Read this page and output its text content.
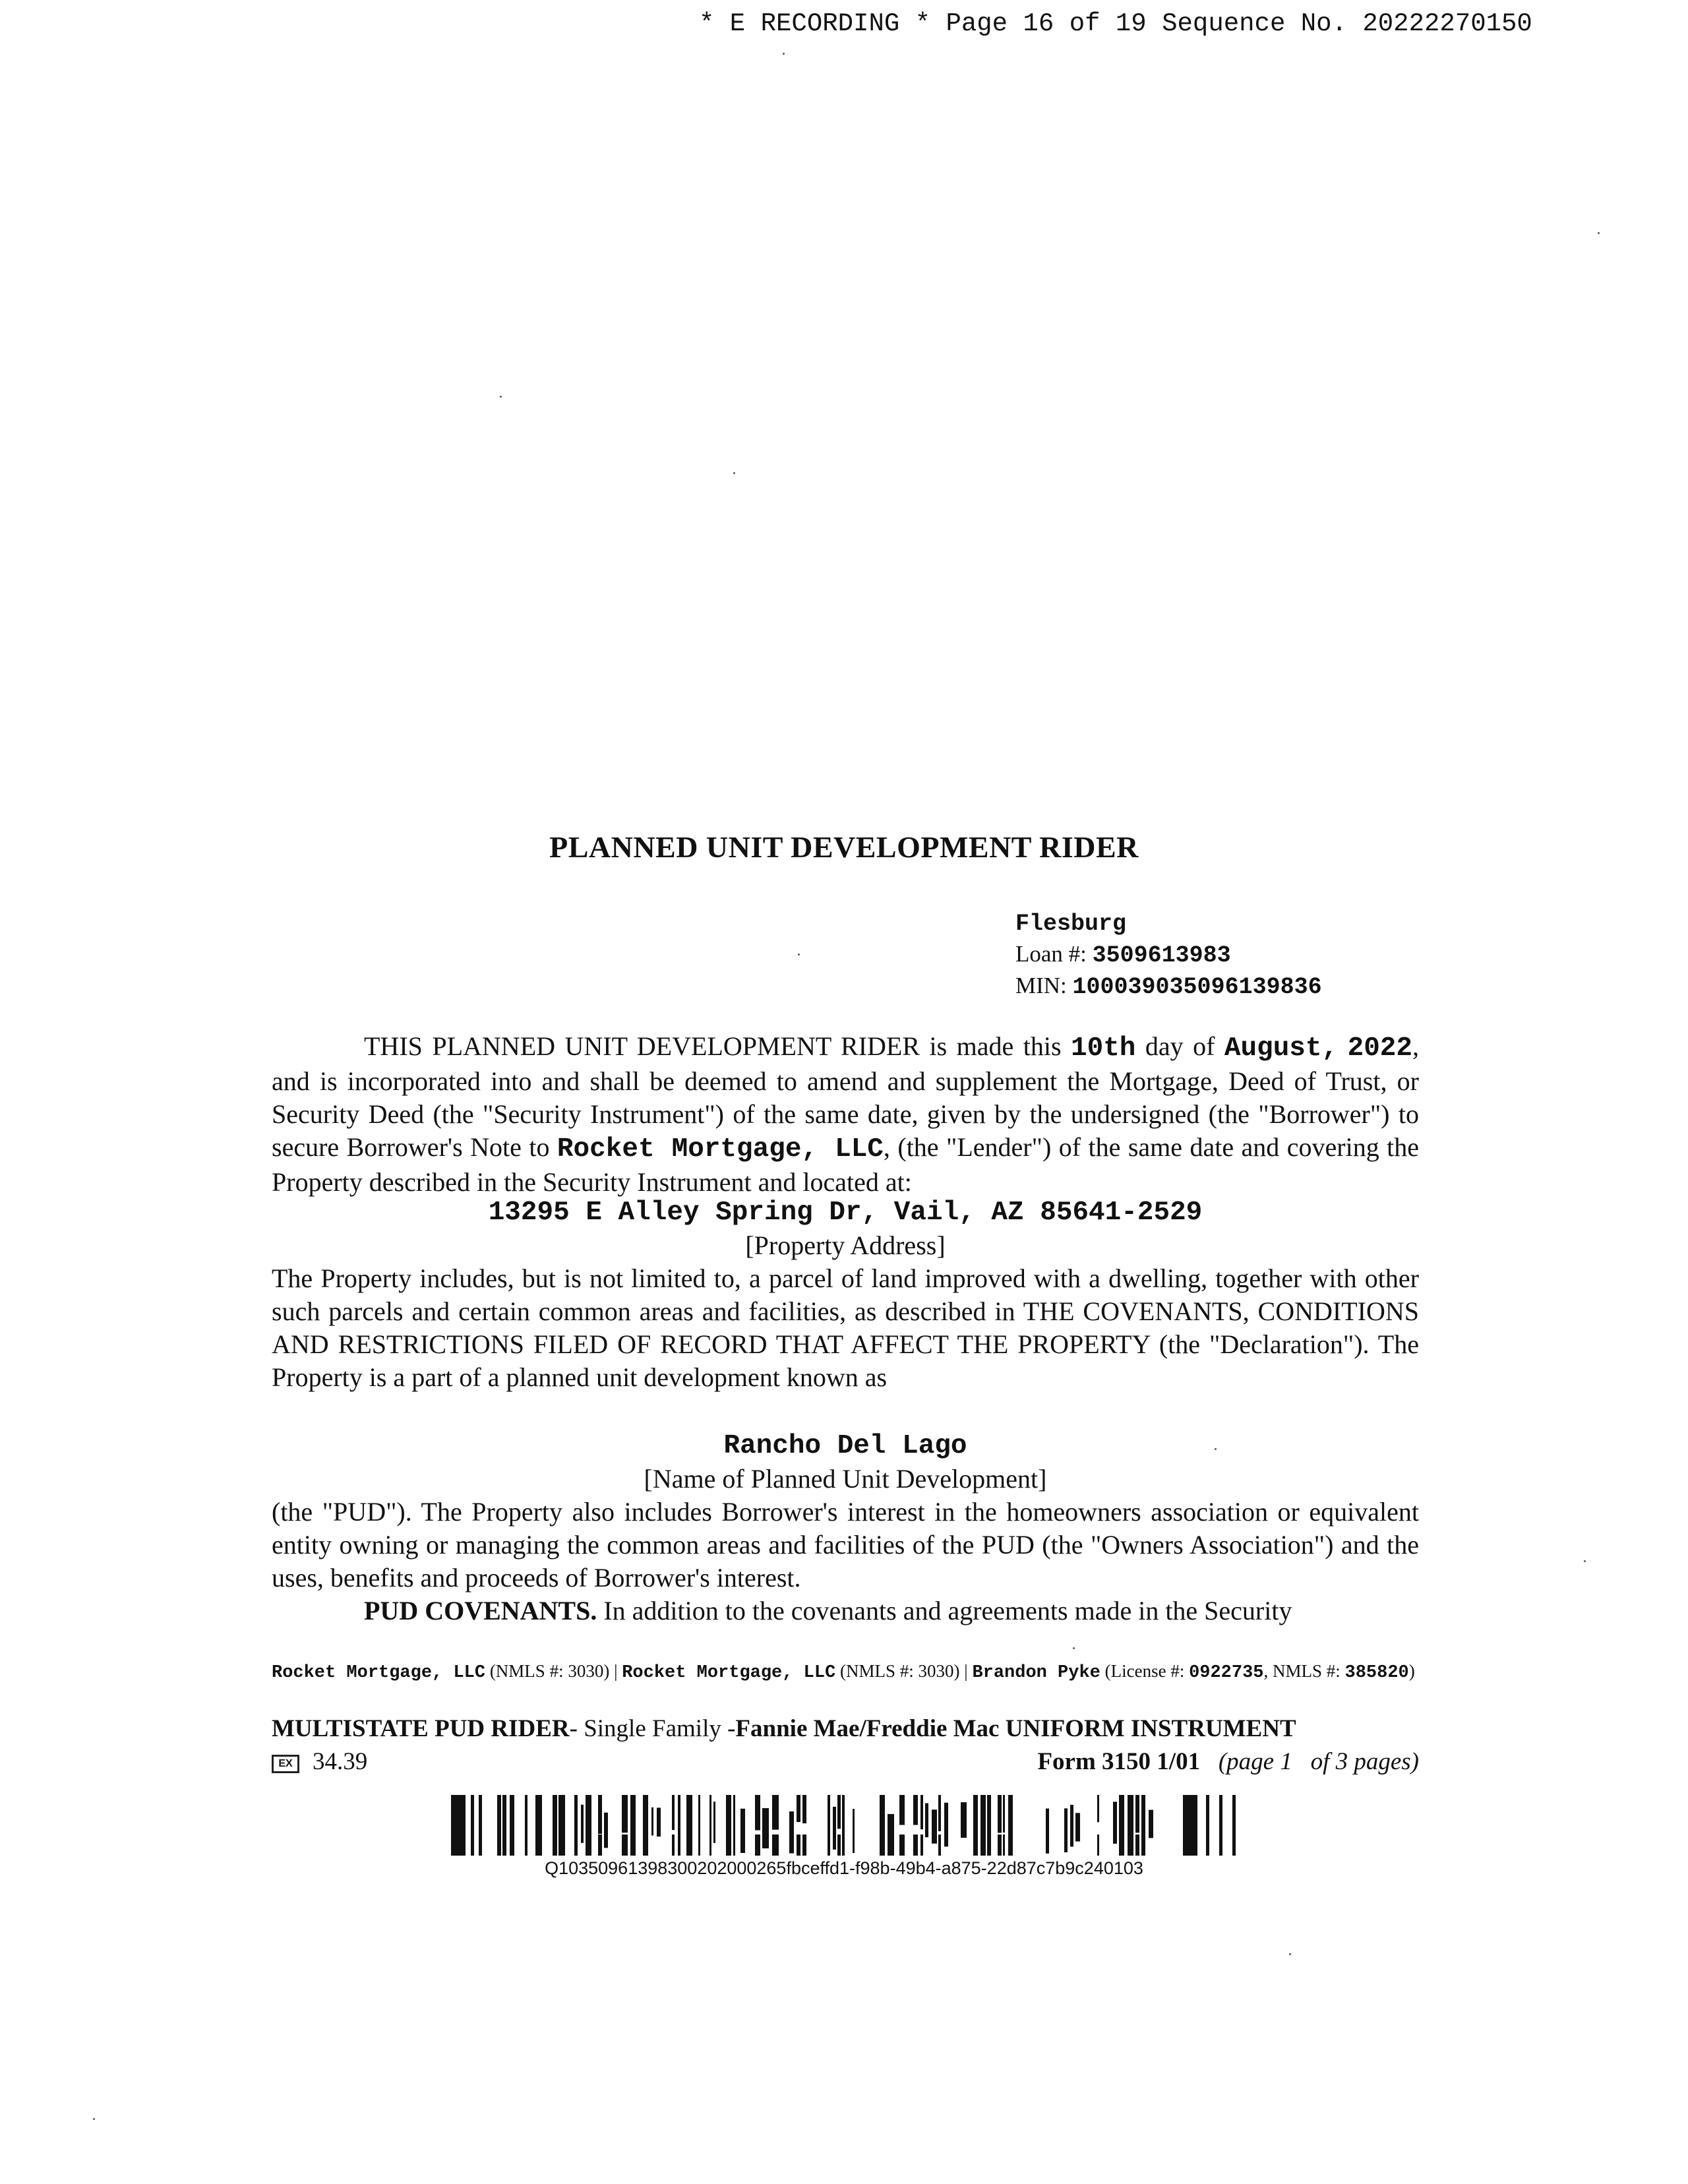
* E RECORDING * Page 16 of 19 Sequence No. 20222270150
PLANNED UNIT DEVELOPMENT RIDER
Flesburg
Loan #: 3509613983
MIN: 100039035096139836
THIS PLANNED UNIT DEVELOPMENT RIDER is made this 10th day of August, 2022, and is incorporated into and shall be deemed to amend and supplement the Mortgage, Deed of Trust, or Security Deed (the "Security Instrument") of the same date, given by the undersigned (the "Borrower") to secure Borrower's Note to Rocket Mortgage, LLC, (the "Lender") of the same date and covering the Property described in the Security Instrument and located at:
13295 E Alley Spring Dr, Vail, AZ 85641-2529
[Property Address]
The Property includes, but is not limited to, a parcel of land improved with a dwelling, together with other such parcels and certain common areas and facilities, as described in THE COVENANTS, CONDITIONS AND RESTRICTIONS FILED OF RECORD THAT AFFECT THE PROPERTY (the "Declaration"). The Property is a part of a planned unit development known as
Rancho Del Lago
[Name of Planned Unit Development]
(the "PUD"). The Property also includes Borrower's interest in the homeowners association or equivalent entity owning or managing the common areas and facilities of the PUD (the "Owners Association") and the uses, benefits and proceeds of Borrower's interest.
PUD COVENANTS. In addition to the covenants and agreements made in the Security
Rocket Mortgage, LLC (NMLS #: 3030) | Rocket Mortgage, LLC (NMLS #: 3030) | Brandon Pyke (License #: 0922735, NMLS #: 385820)
MULTISTATE PUD RIDER- Single Family -Fannie Mae/Freddie Mac UNIFORM INSTRUMENT
EX 34.39	Form 3150 1/01 (page 1   of 3 pages)
Q10350961398300202000265fbceffd1-f98b-49b4-a875-22d87c7b9c240103
